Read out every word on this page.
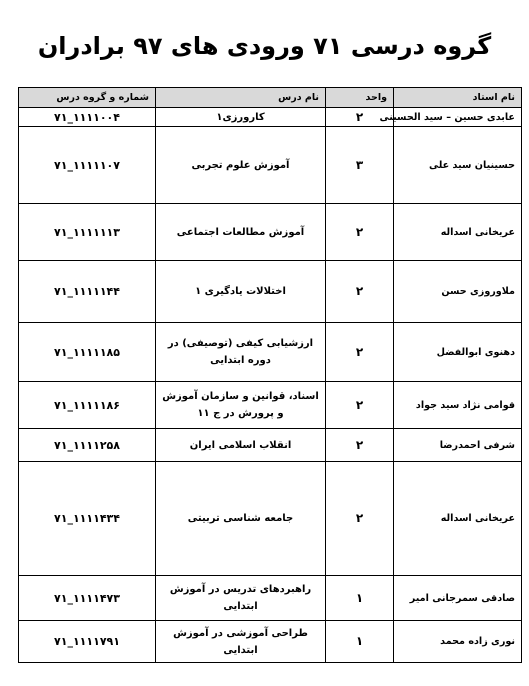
گروه درسی ۷۱ ورودی های ۹۷ برادران
نام استاد	واحد	نام درس	شماره و گروه درس
عابدی حسین – سید الحسینی	۲	کارورزی۱	۱۱۱۱۰۰۴_۷۱
حسینیان سید علی	۳	آموزش علوم تجربی	۱۱۱۱۱۰۷_۷۱
عریخانی اسداله	۲	آموزش مطالعات اجتماعی	۱۱۱۱۱۱۳_۷۱
ملاوروزی حسن	۲	اختلالات یادگیری ۱	۱۱۱۱۱۴۴_۷۱
دهنوی ابوالفضل	۲	ارزشیابی کیفی (توصیفی) در دوره ابتدایی	۱۱۱۱۱۸۵_۷۱
قوامی نژاد سید جواد	۲	اسناد، قوانین و سازمان آموزش و پرورش در ج ۱۱	۱۱۱۱۱۸۶_۷۱
شرفی احمدرضا	۲	انقلاب اسلامی ایران	۱۱۱۱۲۵۸_۷۱
عریخانی اسداله	۲	جامعه شناسی تربیتی	۱۱۱۱۴۳۴_۷۱
صادقی سمرجانی امیر	۱	راهبردهای تدریس در آموزش ابتدایی	۱۱۱۱۴۷۳_۷۱
نوری زاده محمد	۱	طراحی آموزشی در آموزش ابتدایی	۱۱۱۱۷۹۱_۷۱
